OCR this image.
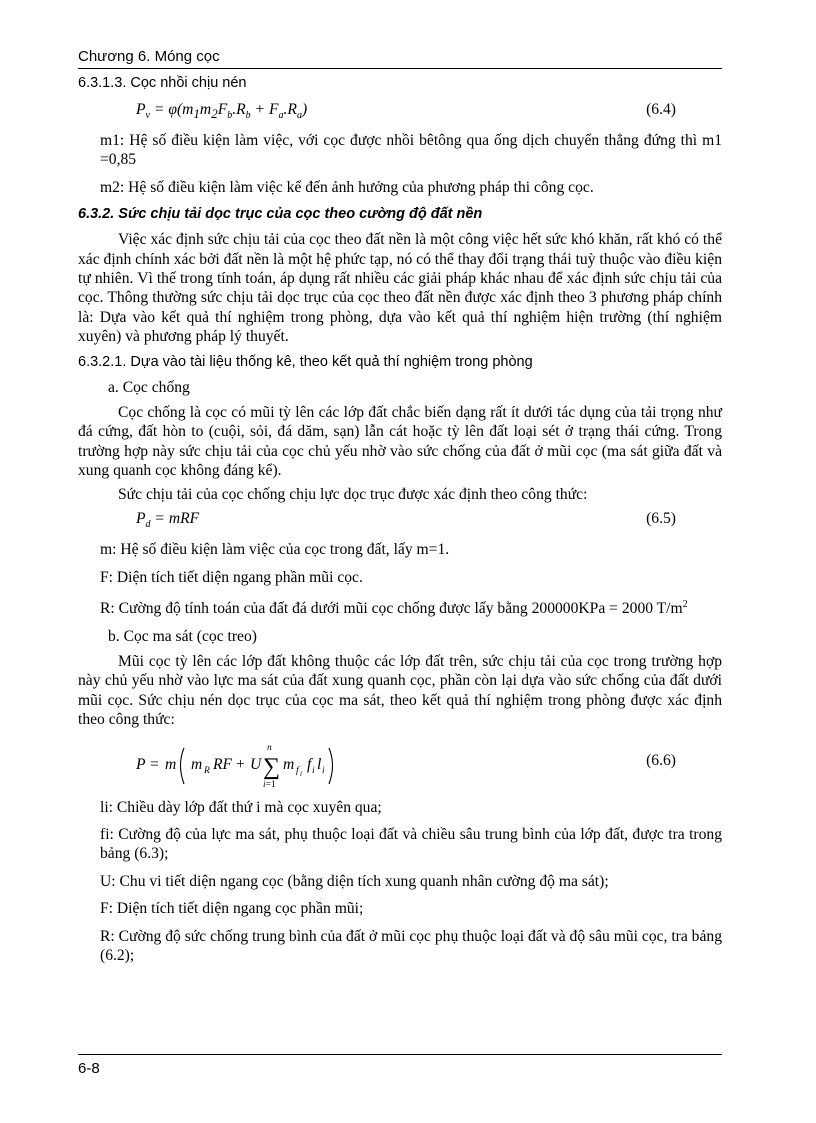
Chương 6. Móng cọc
6.3.1.3. Cọc nhồi chịu nén
$P_v = \varphi(m_1m_2F_b.R_b + F_a.R_a)$	(6.4)

m1: Hệ số điều kiện làm việc, với cọc được nhồi bêtông qua ống dịch chuyển thẳng đứng thì m1 =0,85

m2: Hệ số điều kiện làm việc kể đến ảnh hưởng của phương pháp thi công cọc.

6.3.2. Sức chịu tải dọc trục của cọc theo cường độ đất nền

Việc xác định sức chịu tải của cọc theo đất nền là một công việc hết sức khó khăn, rất khó có thể xác định chính xác bởi đất nền là một hệ phức tạp, nó có thể thay đổi trạng thái tuỳ thuộc vào điều kiện tự nhiên. Vì thế trong tính toán, áp dụng rất nhiều các giải pháp khác nhau để xác định sức chịu tải của cọc. Thông thường sức chịu tải dọc trục của cọc theo đất nền được xác định theo 3 phương pháp chính là: Dựa vào kết quả thí nghiệm trong phòng, dựa vào kết quả thí nghiệm hiện trường (thí nghiệm xuyên) và phương pháp lý thuyết.

6.3.2.1. Dựa vào tài liệu thống kê, theo kết quả thí nghiệm trong phòng

a. Cọc chống

Cọc chống là cọc có mũi tỳ lên các lớp đất chắc biến dạng rất ít dưới tác dụng của tải trọng như đá cứng, đất hòn to (cuội, sỏi, đá dăm, sạn) lẫn cát hoặc tỳ lên đất loại sét ở trạng thái cứng. Trong trường hợp này sức chịu tải của cọc chủ yếu nhờ vào sức chống của đất ở mũi cọc (ma sát giữa đất và xung quanh cọc không đáng kể).

Sức chịu tải của cọc chống chịu lực dọc trục được xác định theo công thức:

$P_d$ = mRF	(6.5)

m: Hệ số điều kiện làm việc của cọc trong đất, lấy m=1.

F: Diện tích tiết diện ngang phần mũi cọc.

R: Cường độ tính toán của đất đá dưới mũi cọc chống được lấy bằng 200000KPa = 2000 $T/m^2$

b. Cọc ma sát (cọc treo)

Mũi cọc tỳ lên các lớp đất không thuộc các lớp đất trên, sức chịu tải của cọc trong trường hợp này chủ yếu nhờ vào lực ma sát của đất xung quanh cọc, phần còn lại dựa vào sức chống của đất dưới mũi cọc. Sức chịu nén dọc trục của cọc ma sát, theo kết quả thí nghiệm trong phòng được xác định theo công thức:

P = m m R RF + U ∑
n
i=1
m f i
f i l i
(6.6)

li: Chiều dày lớp đất thứ i mà cọc xuyên qua;

fi: Cường độ của lực ma sát, phụ thuộc loại đất và chiều sâu trung bình của lớp đất, được tra trong bảng (6.3);

U: Chu vi tiết diện ngang cọc (bằng diện tích xung quanh nhân cường độ ma sát);

F: Diện tích tiết diện ngang cọc phần mũi;

R: Cường độ sức chống trung bình của đất ở mũi cọc phụ thuộc loại đất và độ sâu mũi cọc, tra bảng (6.2);

6-8
